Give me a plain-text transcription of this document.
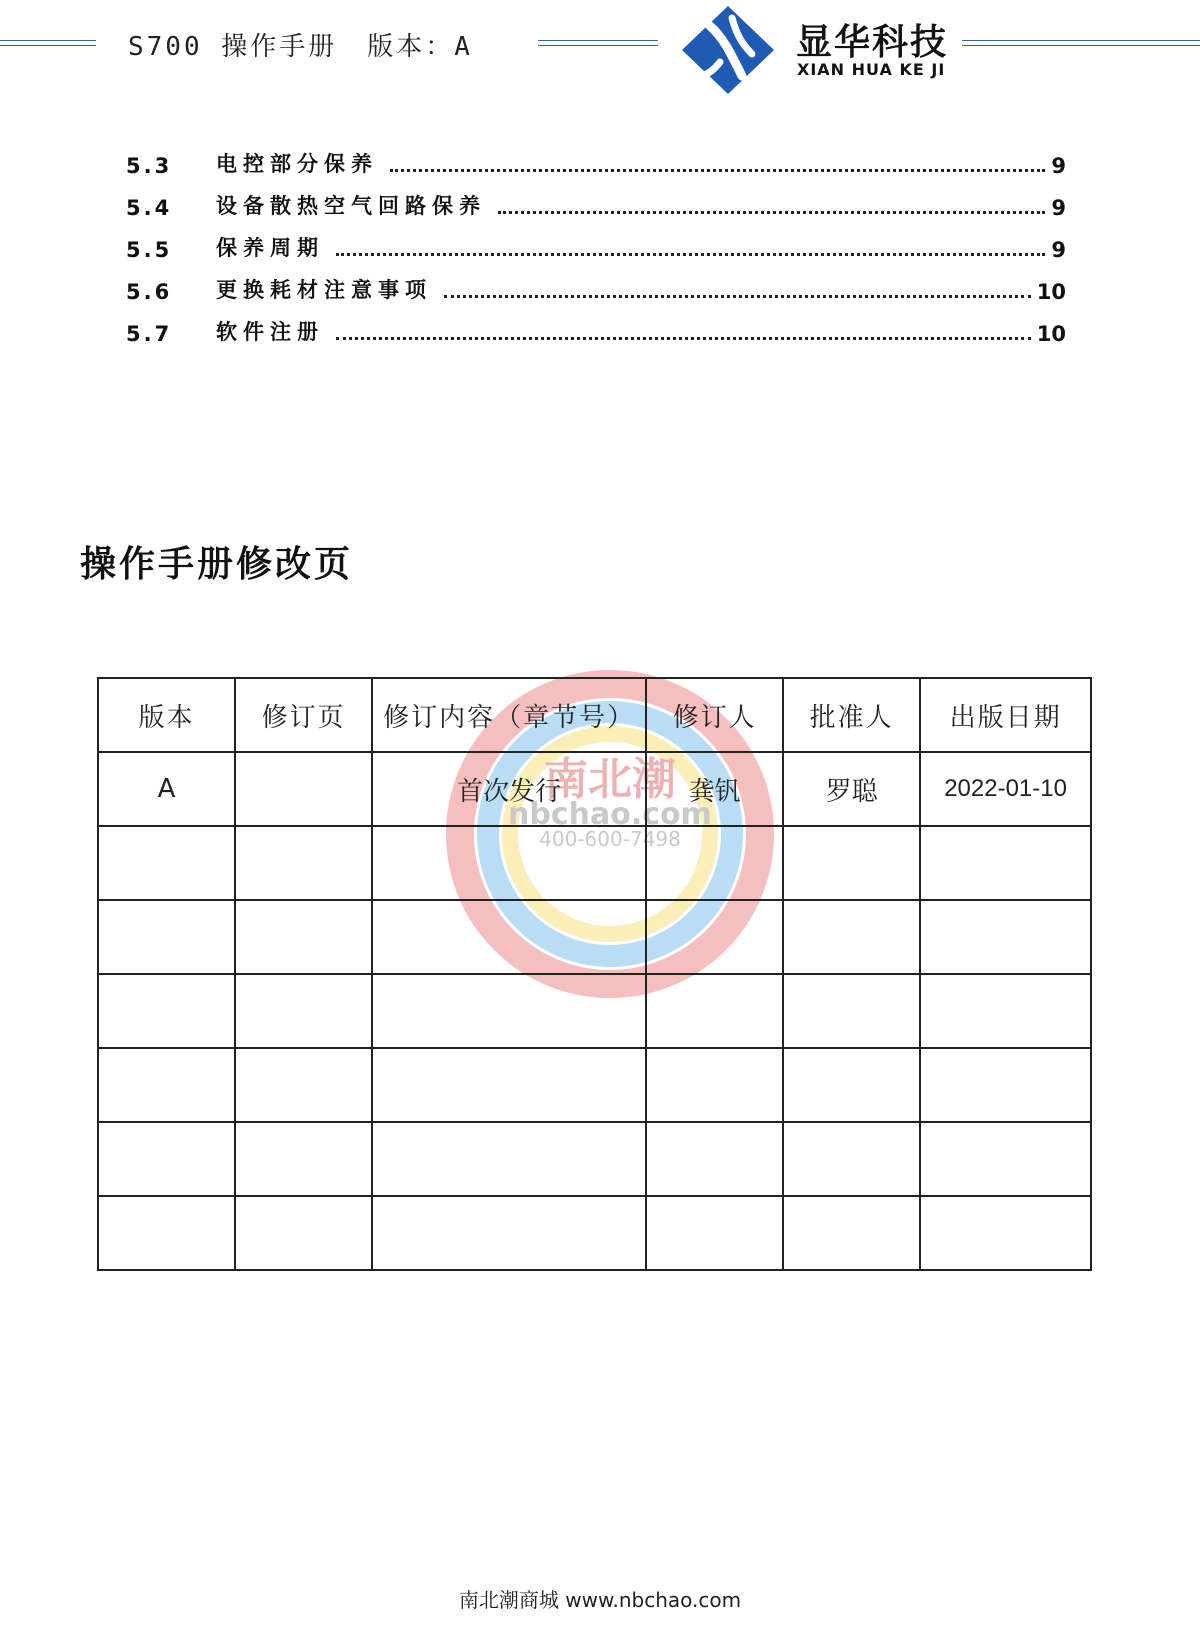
S700 操作手册 版本：A	显华科技
XIAN HUA KE JI
5.3	电控部分保养	9
5.4	设备散热空气回路保养	9
5.5	保养周期	9
5.6	更换耗材注意事项	10
5.7	软件注册	10
操作手册修改页
南北潮
nbchao.com
400-600-7498
版本	修订页	修订内容（章节号）	修订人	批准人	出版日期
A		首次发行	龚钒	罗聪	2022-01-10

南北潮商城 www.nbchao.com
